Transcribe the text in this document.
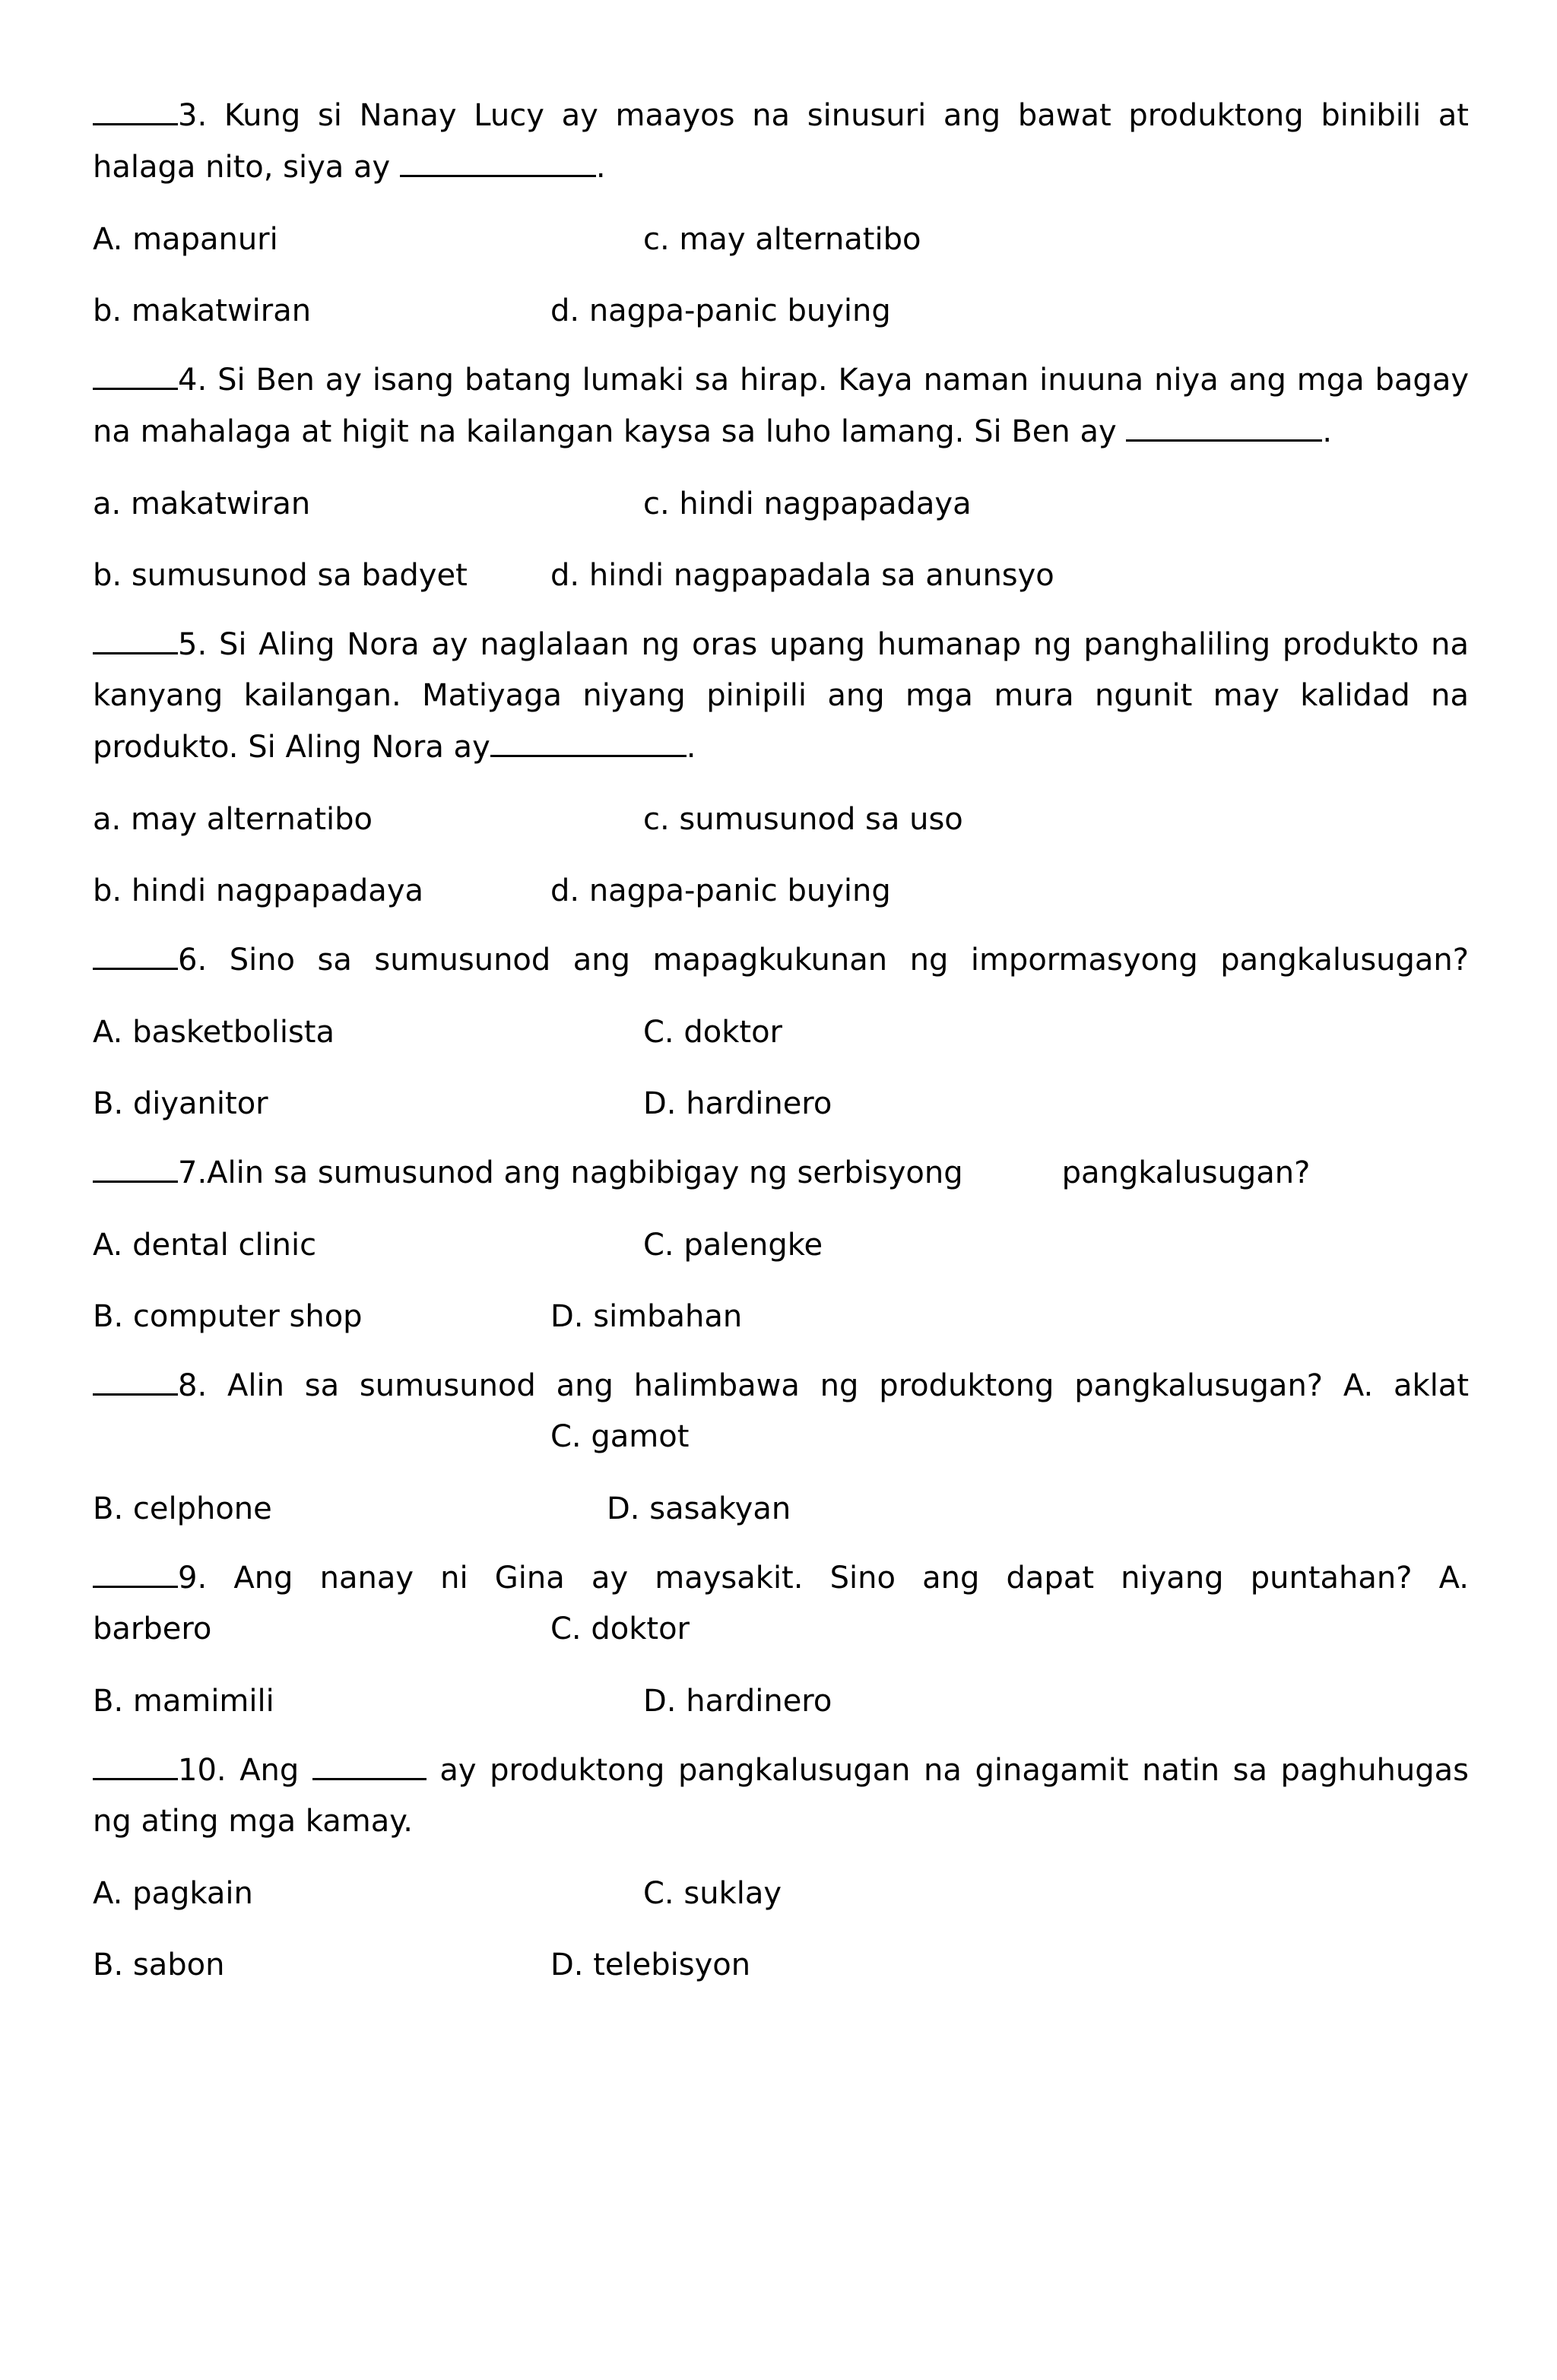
3. Kung si Nanay Lucy ay maayos na sinusuri ang bawat produktong binibili at halaga nito, siya ay	.

A. mapanuri	c. may alternatibo
b. makatwiran	d. nagpa-panic buying

4. Si Ben ay isang batang lumaki sa hirap. Kaya naman inuuna niya ang mga bagay na mahalaga at higit na kailangan kaysa sa luho lamang. Si Ben ay	.

a. makatwiran	c. hindi nagpapadaya
b. sumusunod sa badyet	d. hindi nagpapadala sa anunsyo

5. Si Aling Nora ay naglalaan ng oras upang humanap ng panghaliling produkto na kanyang kailangan. Matiyaga niyang pinipili ang mga mura ngunit may kalidad na produkto. Si Aling Nora ay	.

a. may alternatibo	c. sumusunod sa uso
b. hindi nagpapadaya	d. nagpa-panic buying

6. Sino sa sumusunod ang mapagkukunan ng impormasyong pangkalusugan?

A. basketbolista	C. doktor
B. diyanitor	D. hardinero

7.Alin sa sumusunod ang nagbibigay ng serbisyong	pangkalusugan?

A. dental clinic	C. palengke
B. computer shop	D. simbahan

8. Alin sa sumusunod ang halimbawa ng produktong pangkalusugan? A. aklat

C. gamot

B. celphone	D. sasakyan

9. Ang nanay ni Gina ay maysakit. Sino ang dapat niyang puntahan? A.

barbero	C. doktor

B. mamimili	D. hardinero

10. Ang	ay produktong pangkalusugan na ginagamit natin sa paghuhugas ng ating mga kamay.

A. pagkain	C. suklay
B. sabon	D. telebisyon
